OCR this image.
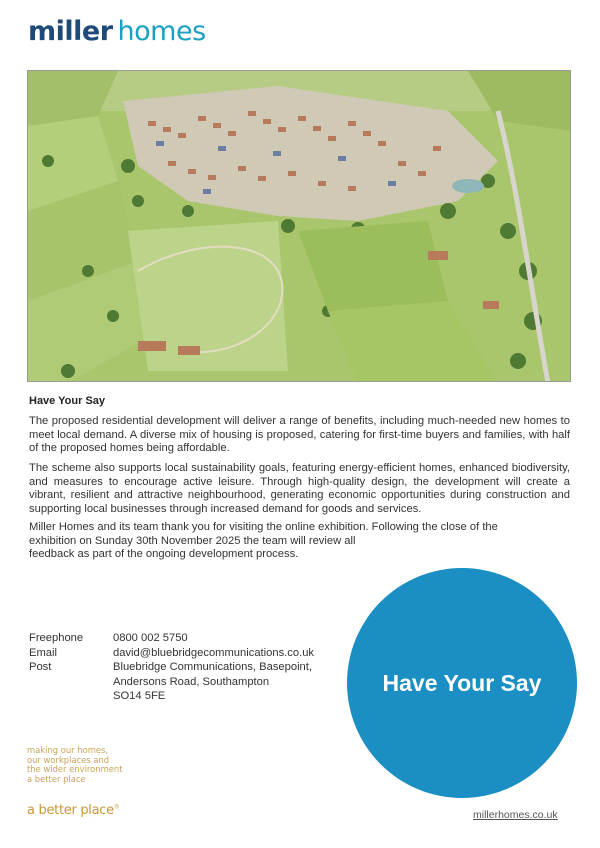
miller homes
Have Your Say

The proposed residential development will deliver a range of benefits, including much-needed new homes to meet local demand. A diverse mix of housing is proposed, catering for first-time buyers and families, with half of the proposed homes being affordable.

The scheme also supports local sustainability goals, featuring energy-efficient homes, enhanced biodiversity, and measures to encourage active leisure. Through high-quality design, the development will create a vibrant, resilient and attractive neighbourhood, generating economic opportunities during construction and supporting local businesses through increased demand for goods and services.

Miller Homes and its team thank you for visiting the online exhibition. Following the close of the
exhibition on Sunday 30th November 2025 the team will review all
feedback as part of the ongoing development process.

Freephone	0800 002 5750
Email	david@bluebridgecommunications.co.uk
Post	Bluebridge Communications, Basepoint,
Andersons Road, Southampton
SO14 5FE
Have Your Say
making our homes,
our workplaces and
the wider environment
a better place
a better place®
millerhomes.co.uk
